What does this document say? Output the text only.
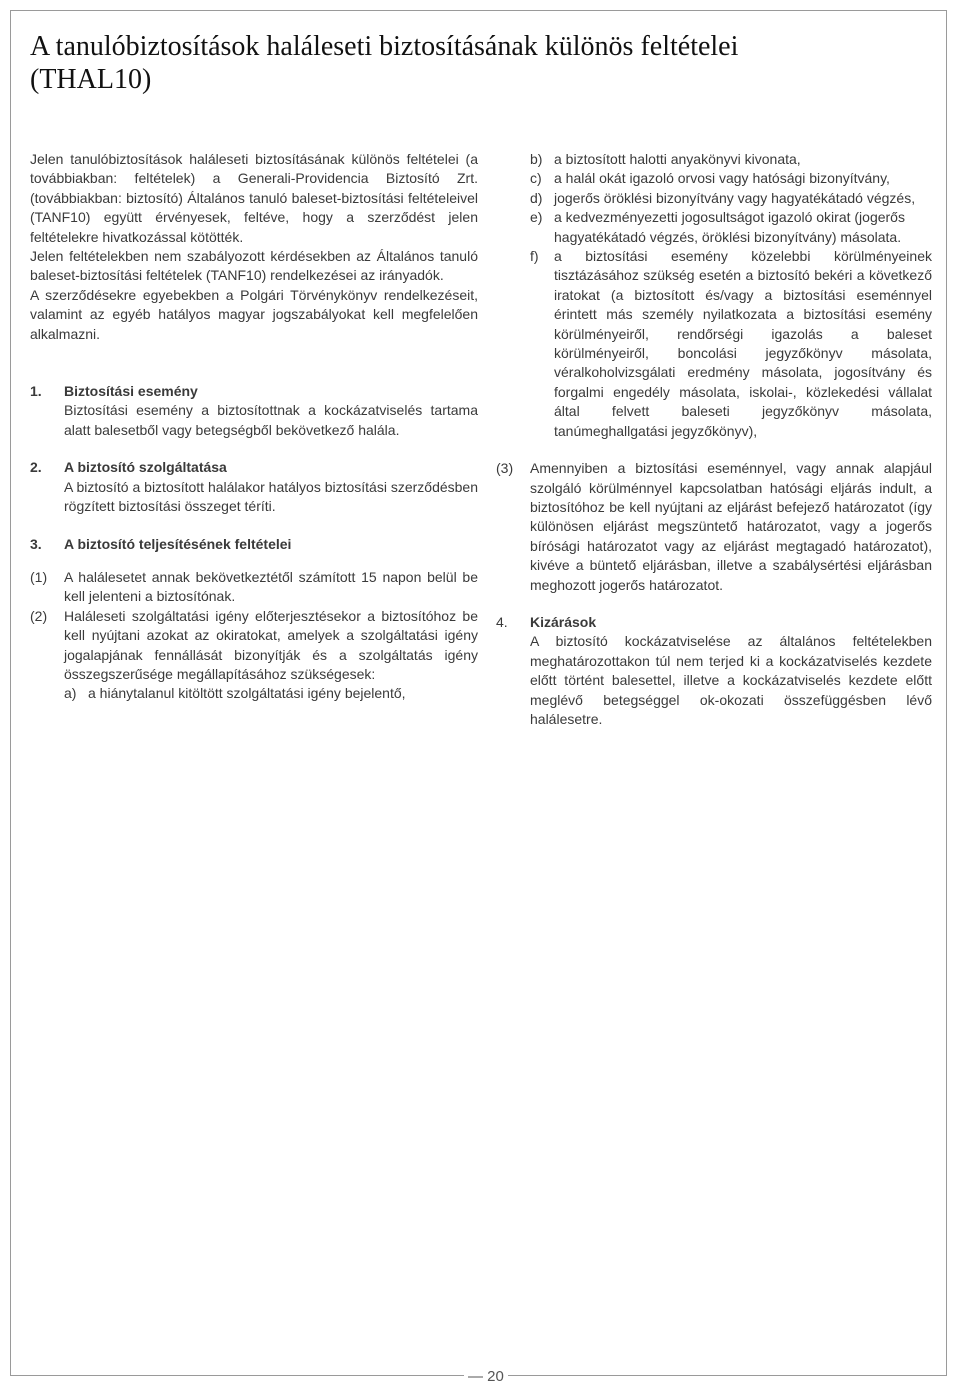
A tanulóbiztosítások haláleseti biztosításának különös feltételei
(THAL10)

Jelen tanulóbiztosítások haláleseti biztosításának különös feltételei (a továbbiakban: feltételek) a Generali-Providencia Biztosító Zrt. (továbbiakban: biztosító) Általános tanuló baleset-biztosítási feltételeivel (TANF10) együtt érvényesek, feltéve, hogy a szerződést jelen feltételekre hivatkozással kötötték.

Jelen feltételekben nem szabályozott kérdésekben az Általános tanuló baleset-biztosítási feltételek (TANF10) rendelkezései az irányadók.

A szerződésekre egyebekben a Polgári Törvénykönyv rendelkezéseit, valamint az egyéb hatályos magyar jogszabályokat kell megfelelően alkalmazni.

1.	Biztosítási esemény

Biztosítási esemény a biztosítottnak a kockázatviselés tartama alatt balesetből vagy betegségből bekövetkező halála.

2.	A biztosító szolgáltatása

A biztosító a biztosított halálakor hatályos biztosítási szerződésben rögzített biztosítási összeget téríti.

3.	A biztosító teljesítésének feltételei
(1)	A halálesetet annak bekövetkeztétől számított 15 napon belül be kell jelenteni a biztosítónak.

(2)	Haláleseti szolgáltatási igény előterjesztésekor a biztosítóhoz be kell nyújtani azokat az okiratokat, amelyek a szolgáltatási igény jogalapjának fennállását bizonyítják és a szolgáltatás igény összegszerűsége megállapításához szükségesek:

a) a hiánytalanul kitöltött szolgáltatási igény bejelentő,
b) a biztosított halotti anyakönyvi kivonata,
c) a halál okát igazoló orvosi vagy hatósági bizonyítvány,
d) jogerős öröklési bizonyítvány vagy hagyatékátadó végzés,
e) a kedvezményezetti jogosultságot igazoló okirat (jogerős hagyatékátadó végzés, öröklési bizonyítvány) másolata.
f)	a biztosítási esemény közelebbi körülményeinek tisztázásához szükség esetén a biztosító bekéri a következő iratokat (a biztosított és/vagy a biztosítási eseménnyel érintett más személy nyilatkozata a biztosítási esemény körülményeiről, rendőrségi igazolás a baleset körülményeiről, boncolási jegyzőkönyv másolata, véralkoholvizsgálati eredmény másolata, jogosítvány és forgalmi engedély másolata, iskolai-, közlekedési vállalat által felvett baleseti jegyzőkönyv másolata, tanúmeghallgatási jegyzőkönyv),

(3)	Amennyiben a biztosítási eseménnyel, vagy annak alapjául szolgáló körülménnyel kapcsolatban hatósági eljárás indult, a biztosítóhoz be kell nyújtani az eljárást befejező határozatot (így különösen eljárást megszüntető határozatot, vagy a jogerős bírósági határozatot vagy az eljárást megtagadó határozatot), kivéve a büntető eljárásban, illetve a szabálysértési eljárásban meghozott jogerős határozatot.

4.	Kizárások

A biztosító kockázatviselése az általános feltételekben meghatározottakon túl nem terjed ki a kockázatviselés kezdete előtt történt balesettel, illetve a kockázatviselés kezdete előtt meglévő betegséggel ok-okozati összefüggésben lévő halálesetre.

— 20
